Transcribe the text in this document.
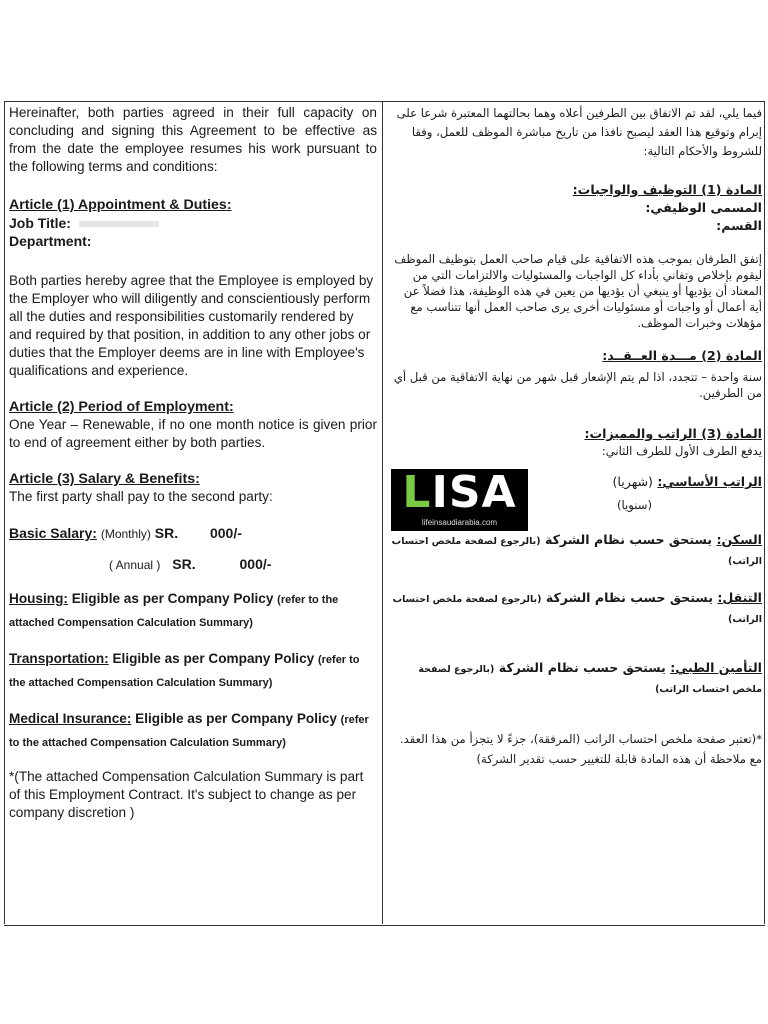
Hereinafter, both parties agreed in their full capacity on concluding and signing this Agreement to be effective as from the date the employee resumes his work pursuant to the following terms and conditions:

Article (1) Appointment & Duties:

Job Title:

Department:

Both parties hereby agree that the Employee is employed by the Employer who will diligently and conscientiously perform all the duties and responsibilities customarily rendered by and required by that position, in addition to any other jobs or duties that the Employer deems are in line with Employee's qualifications and experience.

Article (2) Period of Employment:

One Year – Renewable, if no one month notice is given prior to end of agreement either by both parties.

Article (3) Salary & Benefits:

The first party shall pay to the second party:

Basic Salary: (Monthly) SR. 000/-

( Annual ) SR.	000/-

Housing: Eligible as per Company Policy (refer to the attached Compensation Calculation Summary)

Transportation: Eligible as per Company Policy (refer to the attached Compensation Calculation Summary)

Medical Insurance: Eligible as per Company Policy (refer to the attached Compensation Calculation Summary)

*(The attached Compensation Calculation Summary is part of this Employment Contract. It's subject to change as per company discretion )

فيما يلي، لقد تم الاتفاق بين الطرفين أعلاه وهما بحالتهما المعتبرة شرعا على إبرام وتوقيع هذا العقد ليصبح نافذا من تاريخ مباشرة الموظف للعمل، وفقا للشروط والأحكام التالية:

المادة (1) التوظيف والواجبات:

المسمى الوظيفي:

القسم:

إتفق الطرفان بموجب هذه الاتفاقية على قيام صاحب العمل بتوظيف الموظف ليقوم بإخلاص وتفاني بأداء كل الواجبات والمسئوليات والالتزامات التي من المعتاد أن يؤديها أو ينبغي أن يؤديها من يعين في هذه الوظيفة، هذا فضلاً عن أية أعمال أو واجبات أو مسئوليات أخرى يرى صاحب العمل أنها تتناسب مع مؤهلات وخبرات الموظف.

المادة (2) مـــدة العــقــد:

سنة واحدة – تتجدد، اذا لم يتم الإشعار قبل شهر من نهاية الاتفاقية من قبل أي من الطرفين.

المادة (3) الراتب والمميزات:

يدفع الطرف الأول للطرف الثاني:

الراتب الأساسي: (شهريا)

(سنويا)

السكن: يستحق حسب نظام الشركة (بالرجوع لصفحة ملخص احتساب الراتب)

التنقل: يستحق حسب نظام الشركة (بالرجوع لصفحة ملخص احتساب الراتب)

التأمين الطبي: يستحق حسب نظام الشركة (بالرجوع لصفحة ملخص احتساب الراتب)

*(تعتبر صفحة ملخص احتساب الراتب (المرفقة)، جزءً لا يتجزأ من هذا العقد. مع ملاحظة أن هذه المادة قابلة للتغيير حسب تقدير الشركة)

LISA
lifeinsaudiarabia.com
